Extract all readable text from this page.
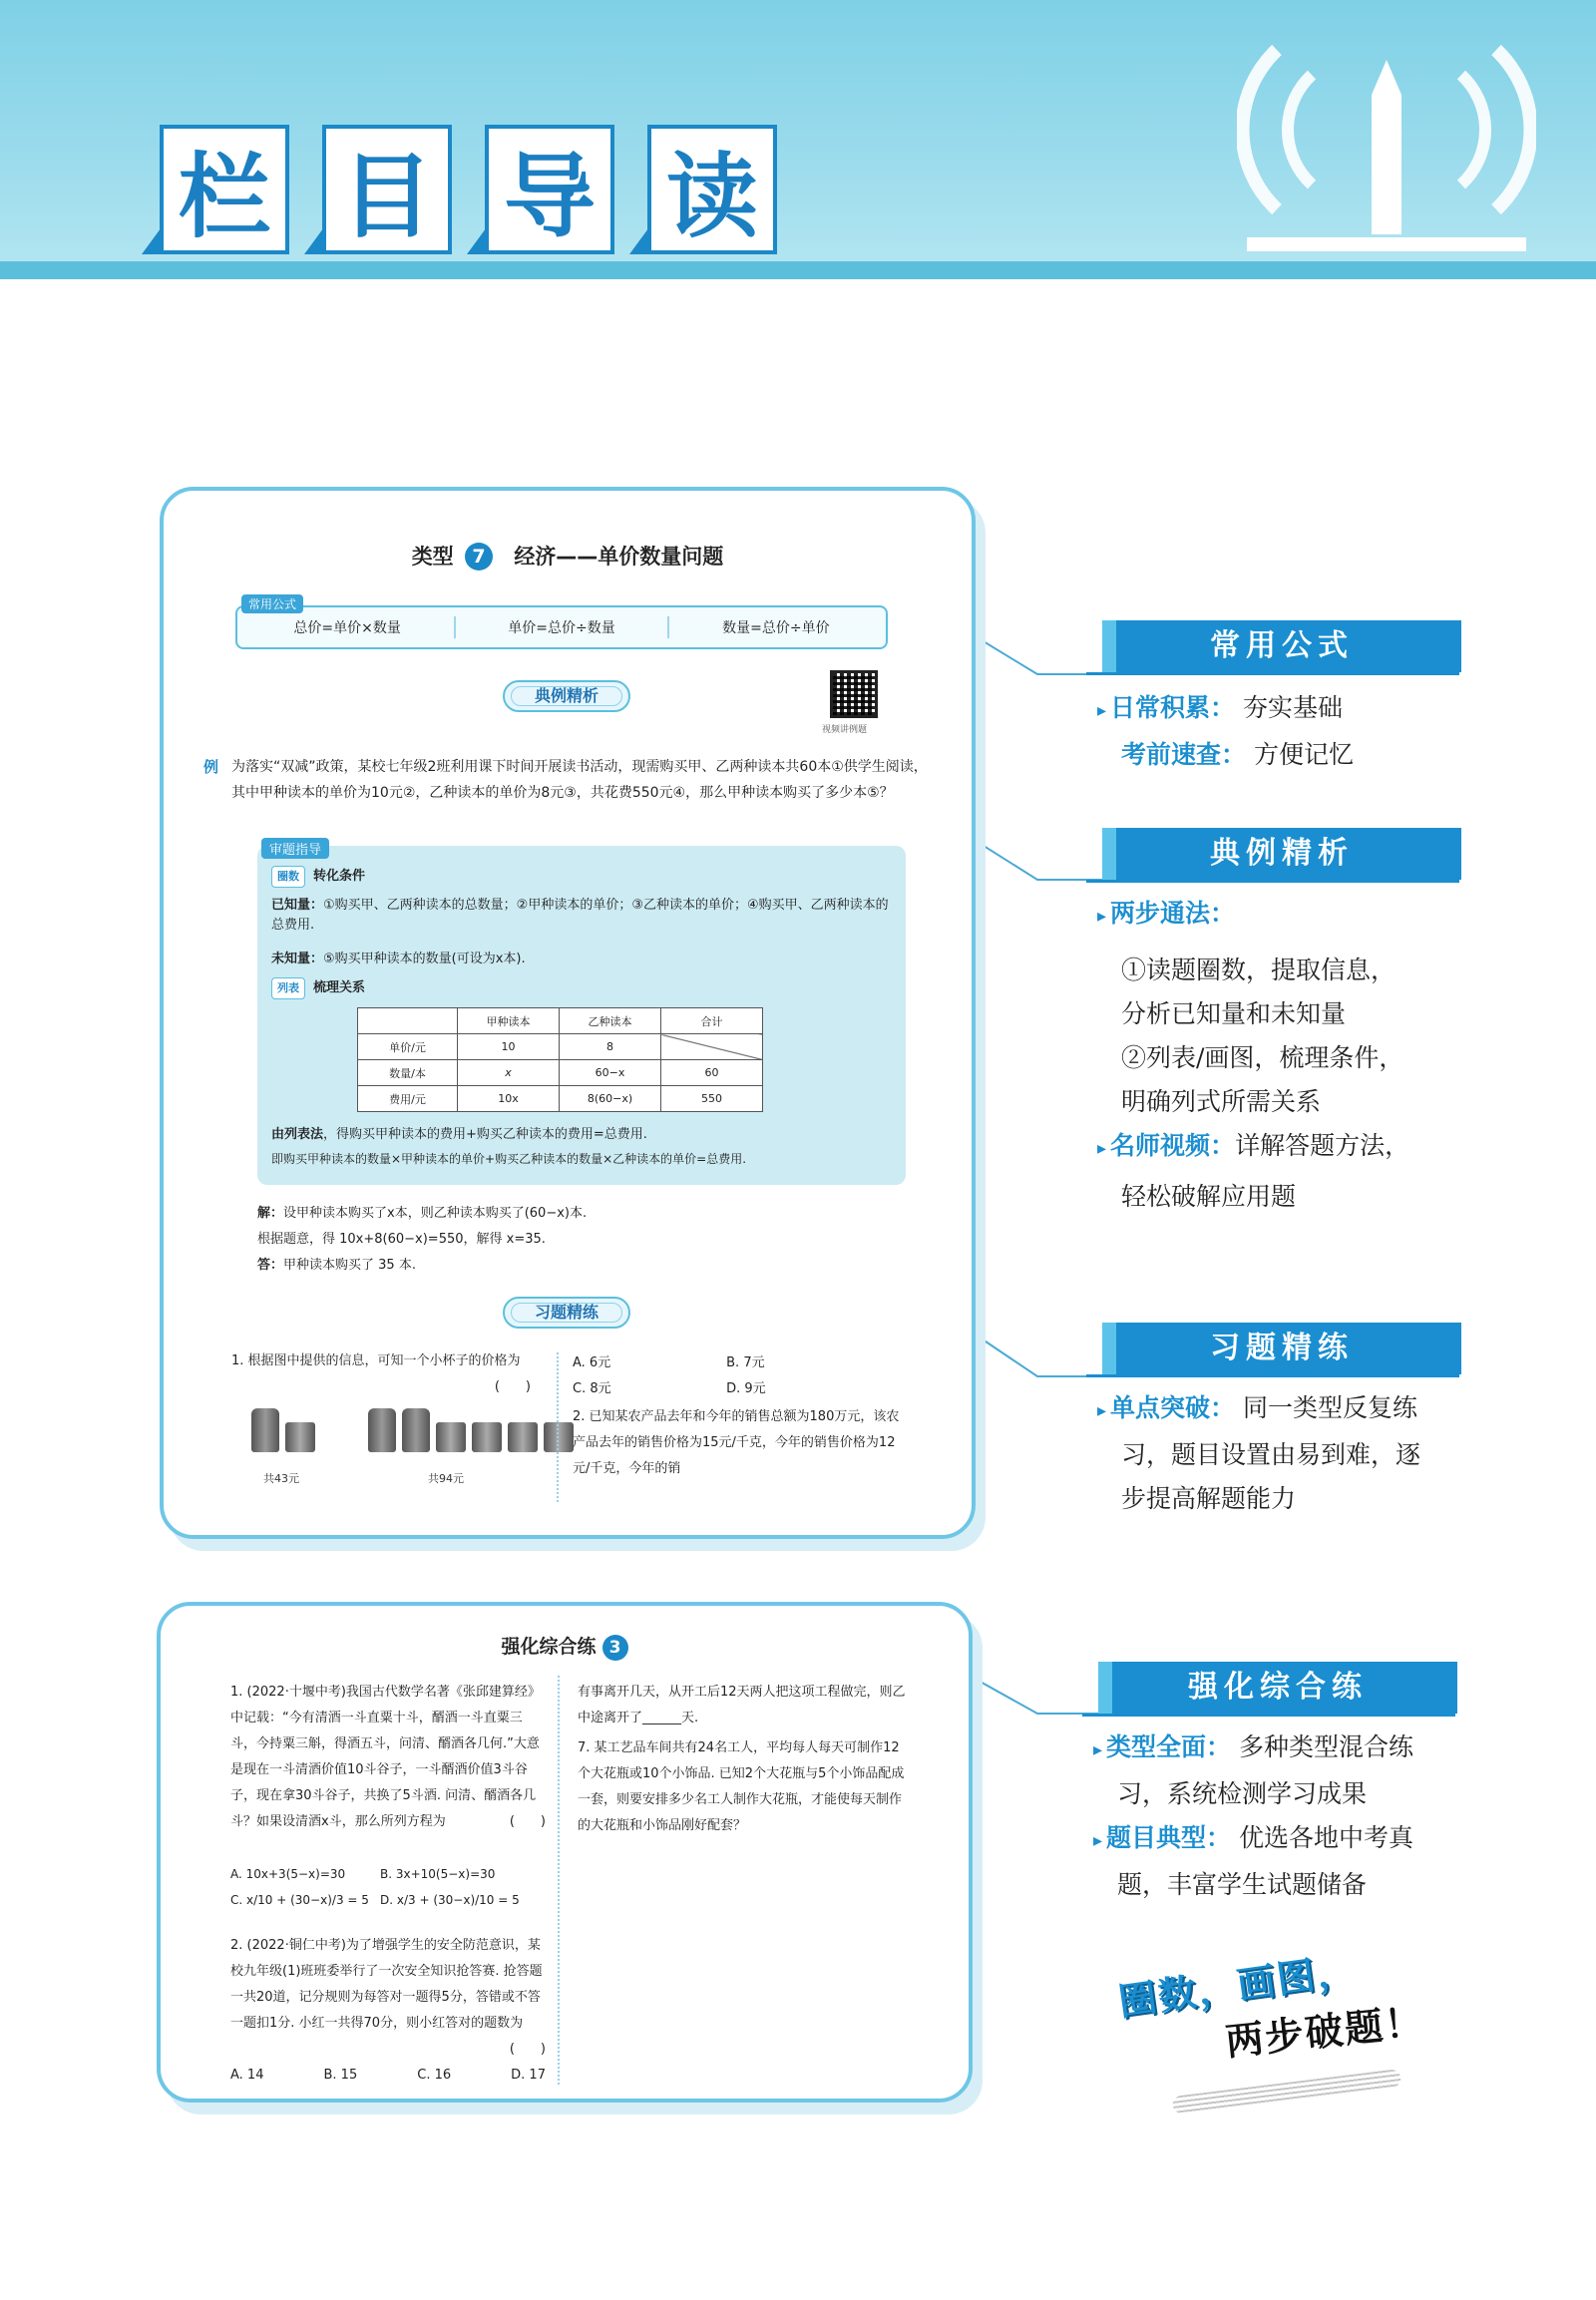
栏 目 导 读
类型 7 经济——单价数量问题
总价=单价×数量	单价=总价÷数量	数量=总价÷单价
常用公式
典例精析
视频讲例题
例 为落实“双减”政策，某校七年级2班利用课下时间开展读书活动，现需购买甲、乙两种读本共60本①供学生阅读，其中甲种读本的单价为10元②，乙种读本的单价为8元③，共花费550元④，那么甲种读本购买了多少本⑤？
审题指导
圈数 转化条件
已知量：①购买甲、乙两种读本的总数量；②甲种读本的单价；③乙种读本的单价；④购买甲、乙两种读本的总费用.
未知量：⑤购买甲种读本的数量(可设为x本).
列表 梳理关系
	甲种读本	乙种读本	合计
单价/元	10	8	
数量/本	x	60−x	60
费用/元	10x	8(60−x)	550
由列表法，得购买甲种读本的费用+购买乙种读本的费用=总费用.
即购买甲种读本的数量×甲种读本的单价+购买乙种读本的数量×乙种读本的单价=总费用.
解：设甲种读本购买了x本，则乙种读本购买了(60−x)本.
根据题意，得 10x+8(60−x)=550，解得 x=35.
答：甲种读本购买了 35 本.
习题精练
1. 根据图中提供的信息，可知一个小杯子的价格为
(　　)
共43元	共94元
A. 6元	B. 7元
C. 8元	D. 9元
2. 已知某农产品去年和今年的销售总额为180万元，该农产品去年的销售价格为15元/千克，今年的销售价格为12元/千克，今年的销
强化综合练 3
1. (2022·十堰中考)我国古代数学名著《张邱建算经》中记载：“今有清酒一斗直粟十斗，醑酒一斗直粟三斗，今持粟三斛，得酒五斗，问清、醑酒各几何.”大意是现在一斗清酒价值10斗谷子，一斗醑酒价值3斗谷子，现在拿30斗谷子，共换了5斗酒. 问清、醑酒各几斗？如果设清酒x斗，那么所列方程为	(　　)
A. 10x+3(5−x)=30	B. 3x+10(5−x)=30
C. x/10 + (30−x)/3 = 5 D. x/3 + (30−x)/10 = 5
2. (2022·铜仁中考)为了增强学生的安全防范意识，某校九年级(1)班班委举行了一次安全知识抢答赛. 抢答题一共20道，记分规则为每答对一题得5分，答错或不答一题扣1分. 小红一共得70分，则小红答对的题数为
(　　)
A. 14	B. 15	C. 16	D. 17
有事离开几天，从开工后12天两人把这项工程做完，则乙中途离开了______天.
7. 某工艺品车间共有24名工人，平均每人每天可制作12个大花瓶或10个小饰品. 已知2个大花瓶与5个小饰品配成一套，则要安排多少名工人制作大花瓶，才能使每天制作的大花瓶和小饰品刚好配套？
常用公式
▸ 日常积累： 夯实基础
考前速查： 方便记忆
典例精析
▸ 两步通法：
①读题圈数，提取信息，
分析已知量和未知量
②列表/画图，梳理条件，
明确列式所需关系
▸ 名师视频：详解答题方法，
轻松破解应用题
习题精练
▸ 单点突破： 同一类型反复练
习，题目设置由易到难，逐
步提高解题能力
强化综合练
▸ 类型全面： 多种类型混合练
习，系统检测学习成果
▸ 题目典型： 优选各地中考真
题，丰富学生试题储备
圈数，画图，
两步破题！
